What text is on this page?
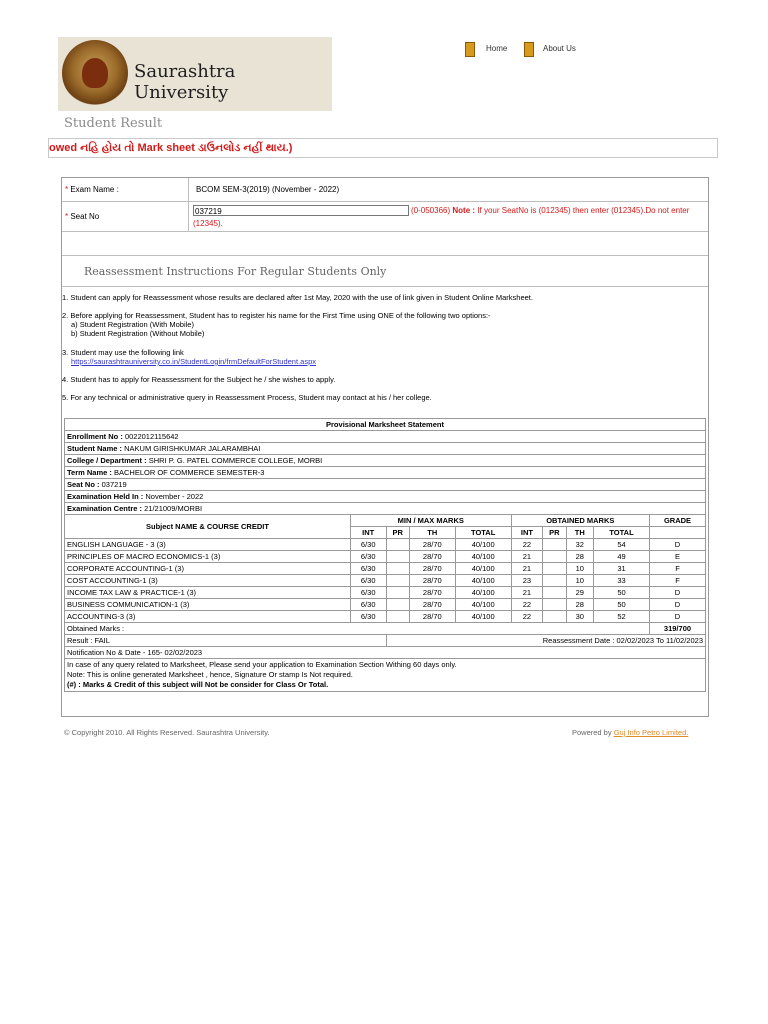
Saurashtra University
Home	About Us
Student Result
owed નહિ હોય તો Mark sheet ડાઉનલોડ નહીં થાય.)
* Exam Name :	BCOM SEM-3(2019) (November - 2022)
* Seat No
037219	(0-050366) Note : If your SeatNo is (012345) then enter (012345).Do not enter
(12345).
Reassessment Instructions For Regular Students Only
1. Student can apply for Reassessment whose results are declared after 1st May, 2020 with the use of link given in Student Online Marksheet.
2. Before applying for Reassessment, Student has to register his name for the First Time using ONE of the following two options:-
a) Student Registration (With Mobile)
b) Student Registration (Without Mobile)
3. Student may use the following link
https://saurashtrauniversity.co.in/StudentLogin/frmDefaultForStudent.aspx
4. Student has to apply for Reassessment for the Subject he / she wishes to apply.
5. For any technical or administrative query in Reassessment Process, Student may contact at his / her college.
Provisional Marksheet Statement									
Enrollment No : 0022012115642									
Student Name : NAKUM GIRISHKUMAR JALARAMBHAI									
College / Department : SHRI P. G. PATEL COMMERCE COLLEGE, MORBI									
Term Name : BACHELOR OF COMMERCE SEMESTER-3									
Seat No : 037219									
Examination Held In : November - 2022									
Examination Centre : 21/21009/MORBI									
Subject NAME & COURSE CREDIT	MIN / MAX MARKS				OBTAINED MARKS				GRADE
	INT	PR	TH	TOTAL	INT	PR	TH	TOTAL	
ENGLISH LANGUAGE - 3 (3)	6/30		28/70	40/100	22		32	54	D
PRINCIPLES OF MACRO ECONOMICS-1 (3)	6/30		28/70	40/100	21		28	49	E
CORPORATE ACCOUNTING-1 (3)	6/30		28/70	40/100	21		10	31	F
COST ACCOUNTING-1 (3)	6/30		28/70	40/100	23		10	33	F
INCOME TAX LAW & PRACTICE-1 (3)	6/30		28/70	40/100	21		29	50	D
BUSINESS COMMUNICATION-1 (3)	6/30		28/70	40/100	22		28	50	D
ACCOUNTING-3 (3)	6/30		28/70	40/100	22		30	52	D
Obtained Marks :									319/700
Result : FAIL		Reassessment Date : 02/02/2023 To 11/02/2023							
Notification No & Date - 165- 02/02/2023									

In case of any query related to Marksheet, Please send your application to Examination Section Withing 60 days only.
Note: This is online generated Marksheet , hence, Signature Or stamp Is Not required.
(#) : Marks & Credit of this subject will Not be consider for Class Or Total.									
© Copyright 2010. All Rights Reserved. Saurashtra University.	Powered by Guj Info Petro Limited.
